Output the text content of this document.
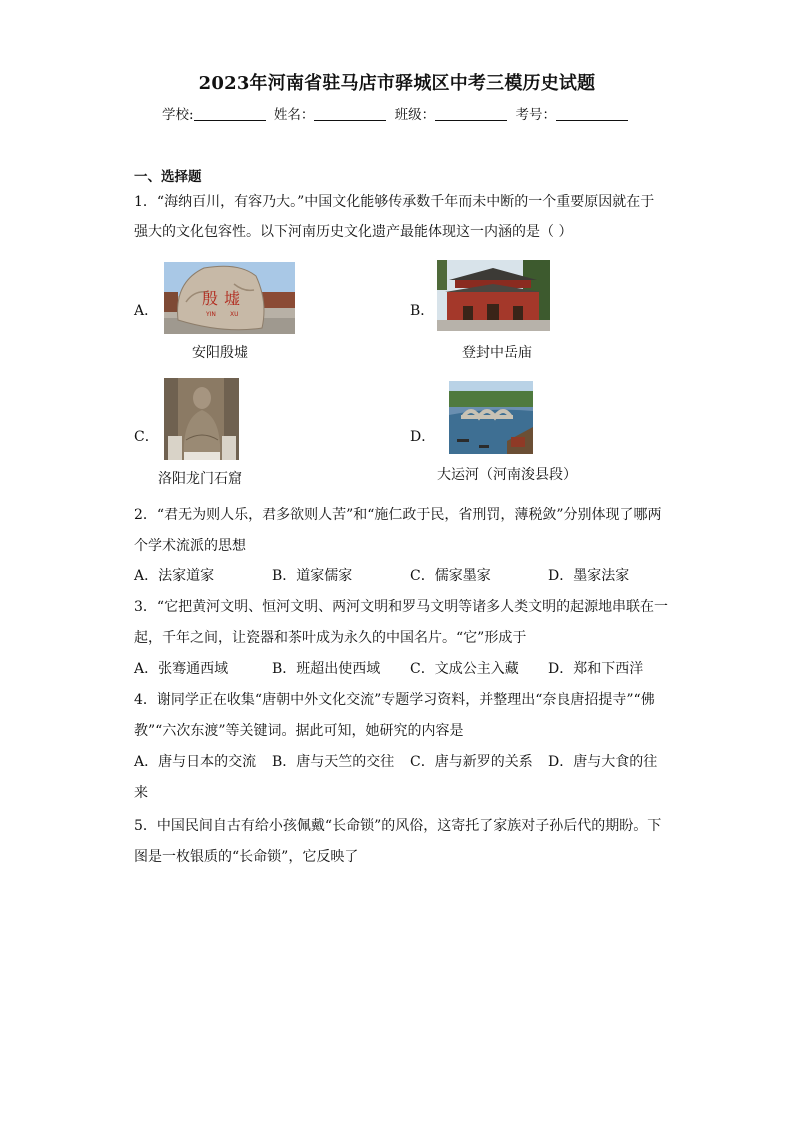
2023年河南省驻马店市驿城区中考三模历史试题
学校:	姓名：	班级：	考号：
一、选择题
1．“海纳百川，有容乃大。”中国文化能够传承数千年而未中断的一个重要原因就在于
强大的文化包容性。以下河南历史文化遗产最能体现这一内涵的是（ ）
A．
殷 墟
YIN XU
安阳殷墟
B．
登封中岳庙
C．
洛阳龙门石窟
D．
大运河（河南浚县段）
2．“君无为则人乐，君多欲则人苦”和“施仁政于民，省刑罚，薄税敛”分别体现了哪两
个学术流派的思想
A．法家道家	B．道家儒家	C．儒家墨家	D．墨家法家
3．“它把黄河文明、恒河文明、两河文明和罗马文明等诸多人类文明的起源地串联在一
起，千年之间，让瓷器和茶叶成为永久的中国名片。“它”形成于
A．张骞通西域	B．班超出使西域 C．文成公主入藏 D．郑和下西洋
4．谢同学正在收集“唐朝中外文化交流”专题学习资料，并整理出“奈良唐招提寺”“佛
教”“六次东渡”等关键词。据此可知，她研究的内容是
A．唐与日本的交流 B．唐与天竺的交往 C．唐与新罗的关系 D．唐与大食的往
来
5．中国民间自古有给小孩佩戴“长命锁”的风俗，这寄托了家族对子孙后代的期盼。下
图是一枚银质的“长命锁”，它反映了
